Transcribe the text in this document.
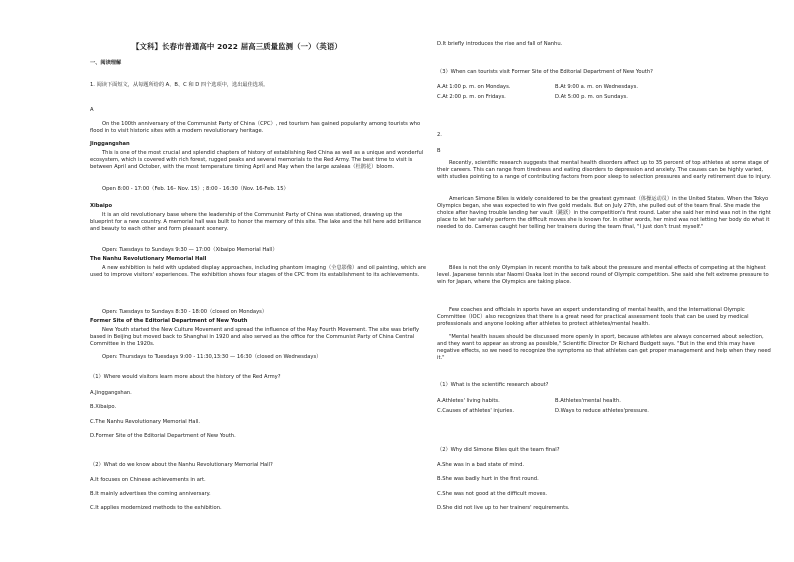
【文科】长春市普通高中 2022 届高三质量监测（一）（英语）
一、阅读理解
1. 阅读下面短文，从每题所给的 A、B、C 和 D 四个选项中，选出最佳选项。
A
On the 100th anniversary of the Communist Party of China（CPC）, red tourism has gained popularity among tourists who flood in to visit historic sites with a modern revolutionary heritage.
Jinggangshan
This is one of the most crucial and splendid chapters of history of establishing Red China as well as a unique and wonderful ecosystem, which is covered with rich forest, rugged peaks and several memorials to the Red Army. The best time to visit is between April and October, with the most temperature timing April and May when the large azaleas（杜鹃花）bloom.
Open 8:00 - 17:00（Feb. 16– Nov. 15）; 8:00 - 16:30（Nov. 16-Feb. 15）
Xibaipo
It is an old revolutionary base where the leadership of the Communist Party of China was stationed, drawing up the blueprint for a new country. A memorial hall was built to honor the memory of this site. The lake and the hill here add brilliance and beauty to each other and form pleasant scenery.
Open: Tuesdays to Sundays 9:30 — 17:00（Xibaipo Memorial Hall）
The Nanhu Revolutionary Memorial Hall
A new exhibition is held with updated display approaches, including phantom imaging（全息影像）and oil painting, which are used to improve visitors' experiences. The exhibition shows four stages of the CPC from its establishment to its achievements.
Open: Tuesdays to Sundays 8:30 - 18:00（closed on Mondays）
Former Site of the Editorial Department of New Youth
New Youth started the New Culture Movement and spread the influence of the May Fourth Movement. The site was briefly based in Beijing but moved back to Shanghai in 1920 and also served as the office for the Communist Party of China Central Committee in the 1920s.
Open: Thursdays to Tuesdays 9:00 - 11:30,13:30 — 16:30（closed on Wednesdays）
（1）Where would visitors learn more about the history of the Red Army?
A.Jinggangshan.
B.Xibaipo.
C.The Nanhu Revolutionary Memorial Hall.
D.Former Site of the Editorial Department of New Youth.
（2）What do we know about the Nanhu Revolutionary Memorial Hall?
A.It focuses on Chinese achievements in art.
B.It mainly advertises the coming anniversary.
C.It applies modernized methods to the exhibition.
D.It briefly introduces the rise and fall of Nanhu.
（3）When can tourists visit Former Site of the Editorial Department of New Youth?
A.At 1:00 p. m. on Mondays.	B.At 9:00 a. m. on Wednesdays.
C.At 2:00 p. m. on Fridays.	D.At 5:00 p. m. on Sundays.
2.
B
Recently, scientific research suggests that mental health disorders affect up to 35 percent of top athletes at some stage of their careers. This can range from tiredness and eating disorders to depression and anxiety. The causes can be highly varied, with studies pointing to a range of contributing factors from poor sleep to selection pressures and early retirement due to injury.
American Simone Biles is widely considered to be the greatest gymnast（体操运动员）in the United States. When the Tokyo Olympics began, she was expected to win five gold medals. But on July 27th, she pulled out of the team final. She made the choice after having trouble landing her vault（跳跃）in the competition's first round. Later she said her mind was not in the right place to let her safely perform the difficult moves she is known for. In other words, her mind was not letting her body do what it needed to do. Cameras caught her telling her trainers during the team final, "I just don't trust myself."
Biles is not the only Olympian in recent months to talk about the pressure and mental effects of competing at the highest level. Japanese tennis star Naomi Osaka lost in the second round of Olympic competition. She said she felt extreme pressure to win for Japan, where the Olympics are taking place.
Few coaches and officials in sports have an expert understanding of mental health, and the International Olympic Committee（IOC）also recognizes that there is a great need for practical assessment tools that can be used by medical professionals and anyone looking after athletes to protect athletes/mental health.
"Mental health issues should be discussed more openly in sport, because athletes are always concerned about selection, and they want to appear as strong as possible," Scientific Director Dr Richard Budgett says. "But in the end this may have negative effects, so we need to recognize the symptoms so that athletes can get proper management and help when they need it."
（1）What is the scientific research about?
A.Athletes' living habits.	B.Athletes'mental health.
C.Causes of athletes' injuries.	D.Ways to reduce athletes'pressure.
（2）Why did Simone Biles quit the team final?
A.She was in a bad state of mind.
B.She was badly hurt in the first round.
C.She was not good at the difficult moves.
D.She did not live up to her trainers' requirements.
